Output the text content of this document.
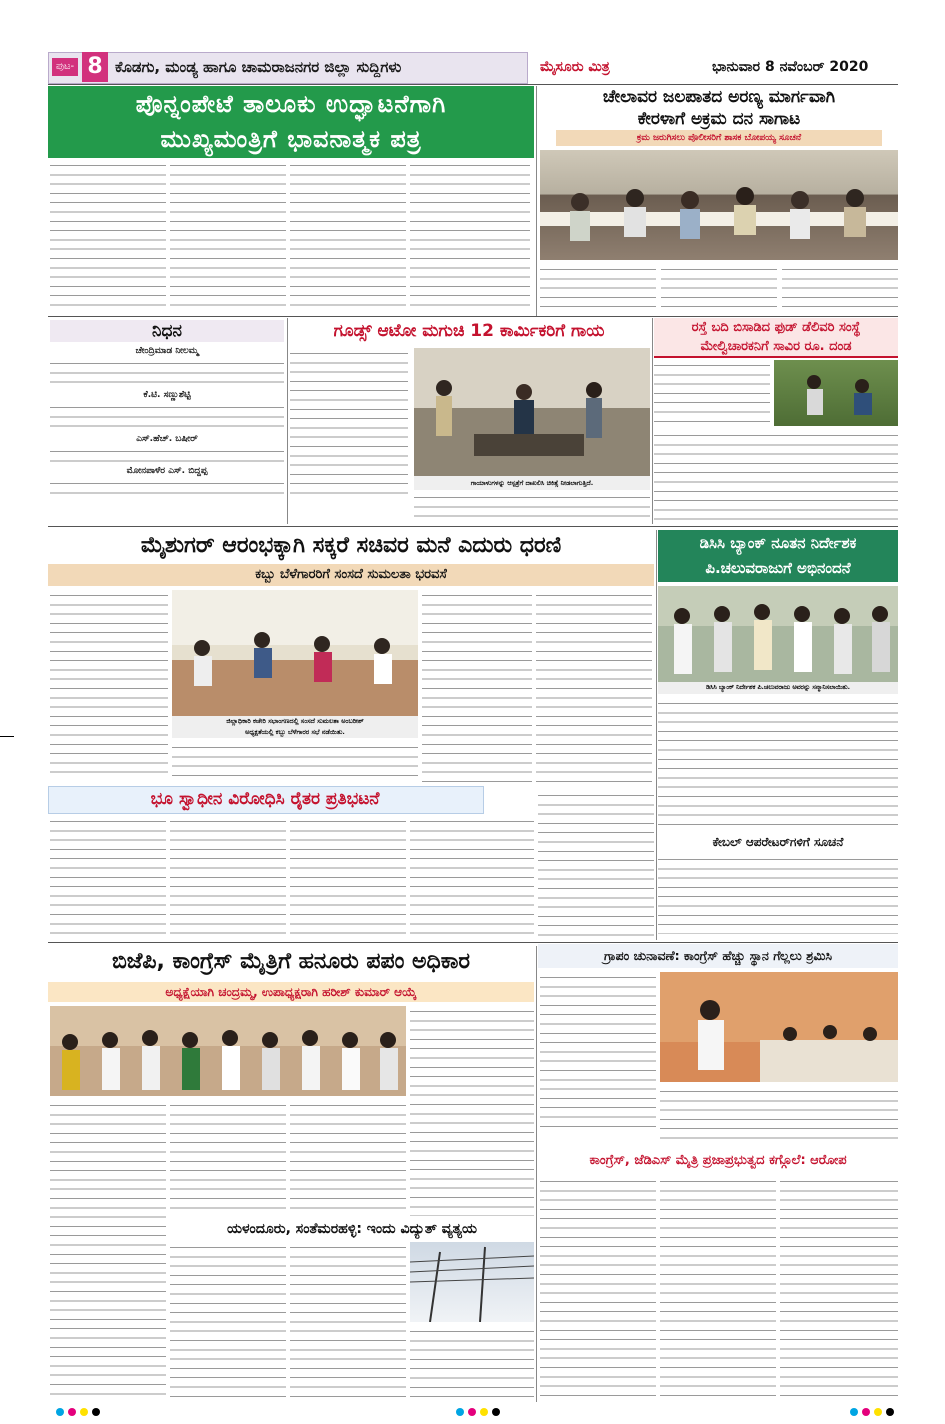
ಪುಟ- 8 ಕೊಡಗು, ಮಂಡ್ಯ ಹಾಗೂ ಚಾಮರಾಜನಗರ ಜಿಲ್ಲಾ ಸುದ್ದಿಗಳು	ಮೈಸೂರು ಮಿತ್ರ	ಭಾನುವಾರ 8 ನವೆಂಬರ್ 2020
ಪೊನ್ನಂಪೇಟೆ ತಾಲೂಕು ಉದ್ಘಾಟನೆಗಾಗಿ
ಮುಖ್ಯಮಂತ್ರಿಗೆ ಭಾವನಾತ್ಮಕ ಪತ್ರ
ಚೇಲಾವರ ಜಲಪಾತದ ಅರಣ್ಯ ಮಾರ್ಗವಾಗಿ
ಕೇರಳಾಗೆ ಅಕ್ರಮ ದನ ಸಾಗಾಟ
ಕ್ರಮ ಜರುಗಿಸಲು ಪೊಲೀಸರಿಗೆ ಶಾಸಕ ಬೋಪಯ್ಯ ಸೂಚನೆ
ನಿಧನ
ಚೇಂದ್ರಿಮಾಡ ನೀಲಮ್ಮ
ಕೆ.ಟಿ. ಸಣ್ಣುಶೆಟ್ಟಿ
ಎಸ್.ಹೆಚ್. ಬಷೀರ್
ಮೋನಪಾಳೆರ ಎಸ್. ಬಿದ್ದಪ್ಪ
ಗೂಡ್ಸ್ ಆಟೋ ಮಗುಚಿ 12 ಕಾರ್ಮಿಕರಿಗೆ ಗಾಯ
ಗಾಯಾಳುಗಳನ್ನು ಆಸ್ಪತ್ರೆಗೆ ದಾಖಲಿಸಿ ಚಿಕಿತ್ಸೆ ನೀಡಲಾಗುತ್ತಿದೆ.
ರಸ್ತೆ ಬದಿ ಬಿಸಾಡಿದ ಫುಡ್ ಡೆಲಿವರಿ ಸಂಸ್ಥೆ
ಮೇಲ್ವಿಚಾರಕನಿಗೆ ಸಾವಿರ ರೂ. ದಂಡ
ಮೈಶುಗರ್ ಆರಂಭಕ್ಕಾಗಿ ಸಕ್ಕರೆ ಸಚಿವರ ಮನೆ ಎದುರು ಧರಣಿ
ಕಬ್ಬು ಬೆಳೆಗಾರರಿಗೆ ಸಂಸದೆ ಸುಮಲತಾ ಭರವಸೆ
ಜಿಲ್ಲಾಧಿಕಾರಿ ಕಚೇರಿ ಸಭಾಂಗಣದಲ್ಲಿ ಸಂಸದೆ ಸುಮಲತಾ ಅಂಬರೀಶ್
ಅಧ್ಯಕ್ಷತೆಯಲ್ಲಿ ಕಬ್ಬು ಬೆಳೆಗಾರರ ಸಭೆ ನಡೆಯಿತು.
ಡಿಸಿಸಿ ಬ್ಯಾಂಕ್ ನೂತನ ನಿರ್ದೇಶಕ
ಪಿ.ಚಲುವರಾಜುಗೆ ಅಭಿನಂದನೆ
ಡಿಸಿಸಿ ಬ್ಯಾಂಕ್ ನಿರ್ದೇಶಕ ಪಿ.ಚಲುವರಾಜು ಅವರನ್ನು ಸನ್ಮಾನಿಸಲಾಯಿತು.
ಕೇಬಲ್ ಆಪರೇಟರ್‌ಗಳಿಗೆ ಸೂಚನೆ
ಭೂ ಸ್ವಾಧೀನ ವಿರೋಧಿಸಿ ರೈತರ ಪ್ರತಿಭಟನೆ
ಬಿಜೆಪಿ, ಕಾಂಗ್ರೆಸ್ ಮೈತ್ರಿಗೆ ಹನೂರು ಪಪಂ ಅಧಿಕಾರ
ಅಧ್ಯಕ್ಷೆಯಾಗಿ ಚಂದ್ರಮ್ಮ, ಉಪಾಧ್ಯಕ್ಷರಾಗಿ ಹರೀಶ್ ಕುಮಾರ್ ಆಯ್ಕೆ
ಯಳಂದೂರು, ಸಂತೆಮರಹಳ್ಳಿ: ಇಂದು ವಿದ್ಯುತ್ ವ್ಯತ್ಯಯ
ಗ್ರಾಪಂ ಚುನಾವಣೆ: ಕಾಂಗ್ರೆಸ್ ಹೆಚ್ಚು ಸ್ಥಾನ ಗೆಲ್ಲಲು ಶ್ರಮಿಸಿ
ಕಾಂಗ್ರೆಸ್, ಜೆಡಿಎಸ್ ಮೈತ್ರಿ ಪ್ರಜಾಪ್ರಭುತ್ವದ ಕಗ್ಗೊಲೆ: ಆರೋಪ
